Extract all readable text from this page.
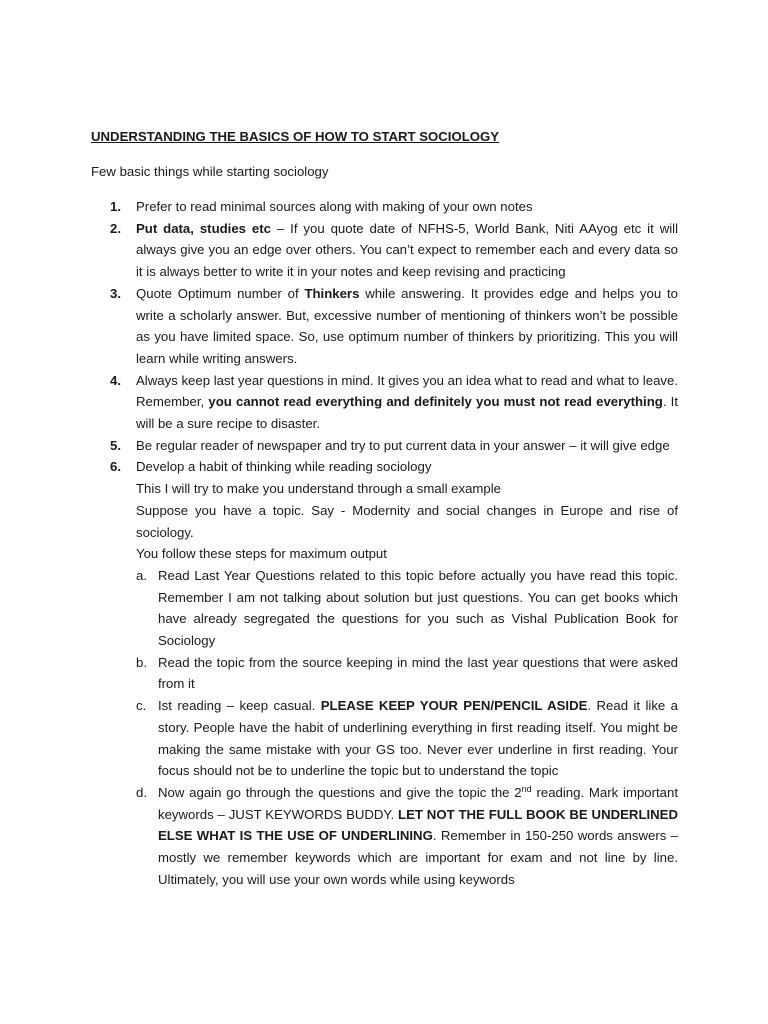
UNDERSTANDING THE BASICS OF HOW TO START SOCIOLOGY

Few basic things while starting sociology

1. Prefer to read minimal sources along with making of your own notes
2. Put data, studies etc – If you quote date of NFHS-5, World Bank, Niti AAyog etc it will always give you an edge over others. You can’t expect to remember each and every data so it is always better to write it in your notes and keep revising and practicing
3. Quote Optimum number of Thinkers while answering. It provides edge and helps you to write a scholarly answer. But, excessive number of mentioning of thinkers won’t be possible as you have limited space. So, use optimum number of thinkers by prioritizing. This you will learn while writing answers.
4. Always keep last year questions in mind. It gives you an idea what to read and what to leave. Remember, you cannot read everything and definitely you must not read everything. It will be a sure recipe to disaster.
5. Be regular reader of newspaper and try to put current data in your answer – it will give edge
6. Develop a habit of thinking while reading sociology

This I will try to make you understand through a small example

Suppose you have a topic. Say - Modernity and social changes in Europe and rise of sociology.

You follow these steps for maximum output

a. Read Last Year Questions related to this topic before actually you have read this topic. Remember I am not talking about solution but just questions. You can get books which have already segregated the questions for you such as Vishal Publication Book for Sociology
b. Read the topic from the source keeping in mind the last year questions that were asked from it
c. Ist reading – keep casual. PLEASE KEEP YOUR PEN/PENCIL ASIDE. Read it like a story. People have the habit of underlining everything in first reading itself. You might be making the same mistake with your GS too. Never ever underline in first reading. Your focus should not be to underline the topic but to understand the topic
d. Now again go through the questions and give the topic the 2nd reading. Mark important keywords – JUST KEYWORDS BUDDY. LET NOT THE FULL BOOK BE UNDERLINED ELSE WHAT IS THE USE OF UNDERLINING. Remember in 150-250 words answers – mostly we remember keywords which are important for exam and not line by line. Ultimately, you will use your own words while using keywords
